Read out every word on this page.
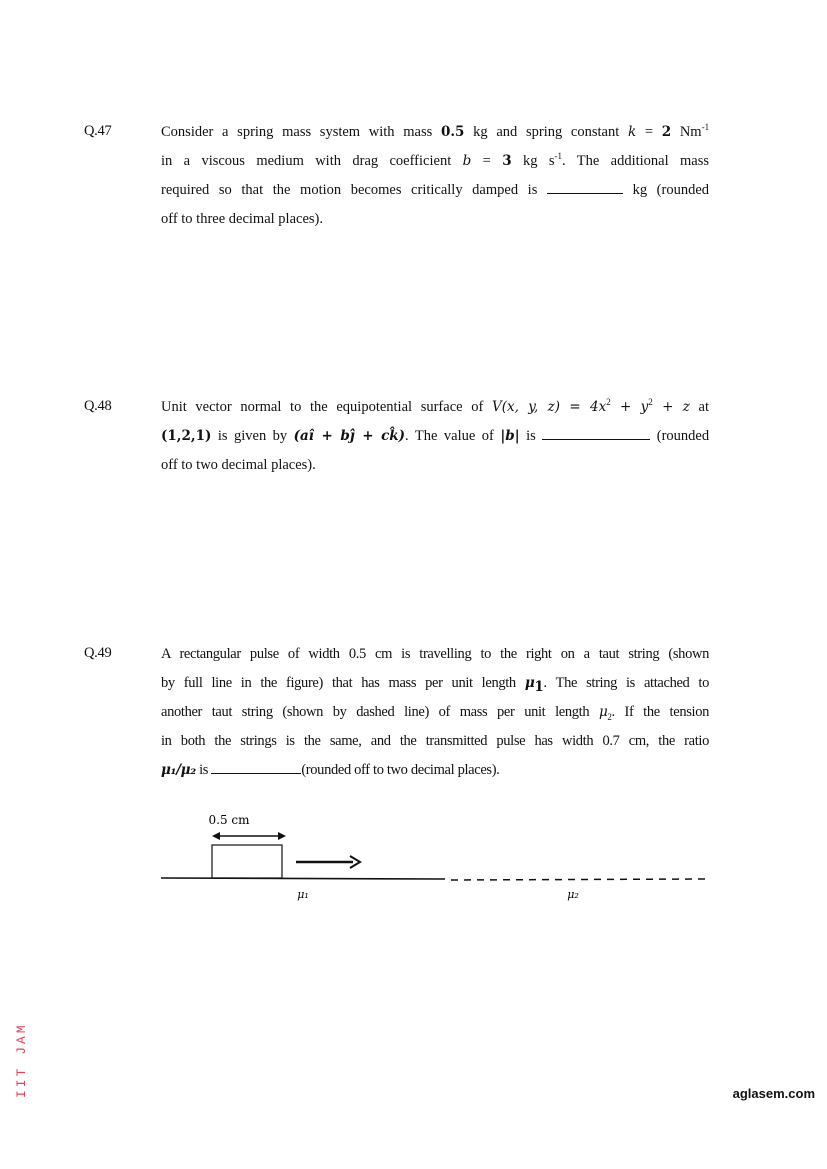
Q.47	Consider a spring mass system with mass 0.5 kg and spring constant k = 2 $Nm^{-1}$
in a viscous medium with drag coefficient b = 3 kg $s^{-1}$. The additional mass
required so that the motion becomes critically damped is	kg (rounded
off to three decimal places).
Q.48	Unit vector normal to the equipotential surface of V(x, y, $z) = 4x^2 + y^2 + z$ at
(1,2,1) is given by (aî + bĵ + ck̂). The value of |b| is	(rounded
off to two decimal places).
Q.49	A rectangular pulse of width 0.5 cm is travelling to the right on a taut string (shown
by full line in the figure) that has mass per unit length $\mu_1$. The string is attached to
another taut string (shown by dashed line) of mass per unit length $\mu_2$. If the tension
in both the strings is the same, and the transmitted pulse has width 0.7 cm, the ratio
μ₁/μ₂ is	(rounded off to two decimal places).
0.5 cm
μ₁	μ₂
IIT JAM	aglasem.com
